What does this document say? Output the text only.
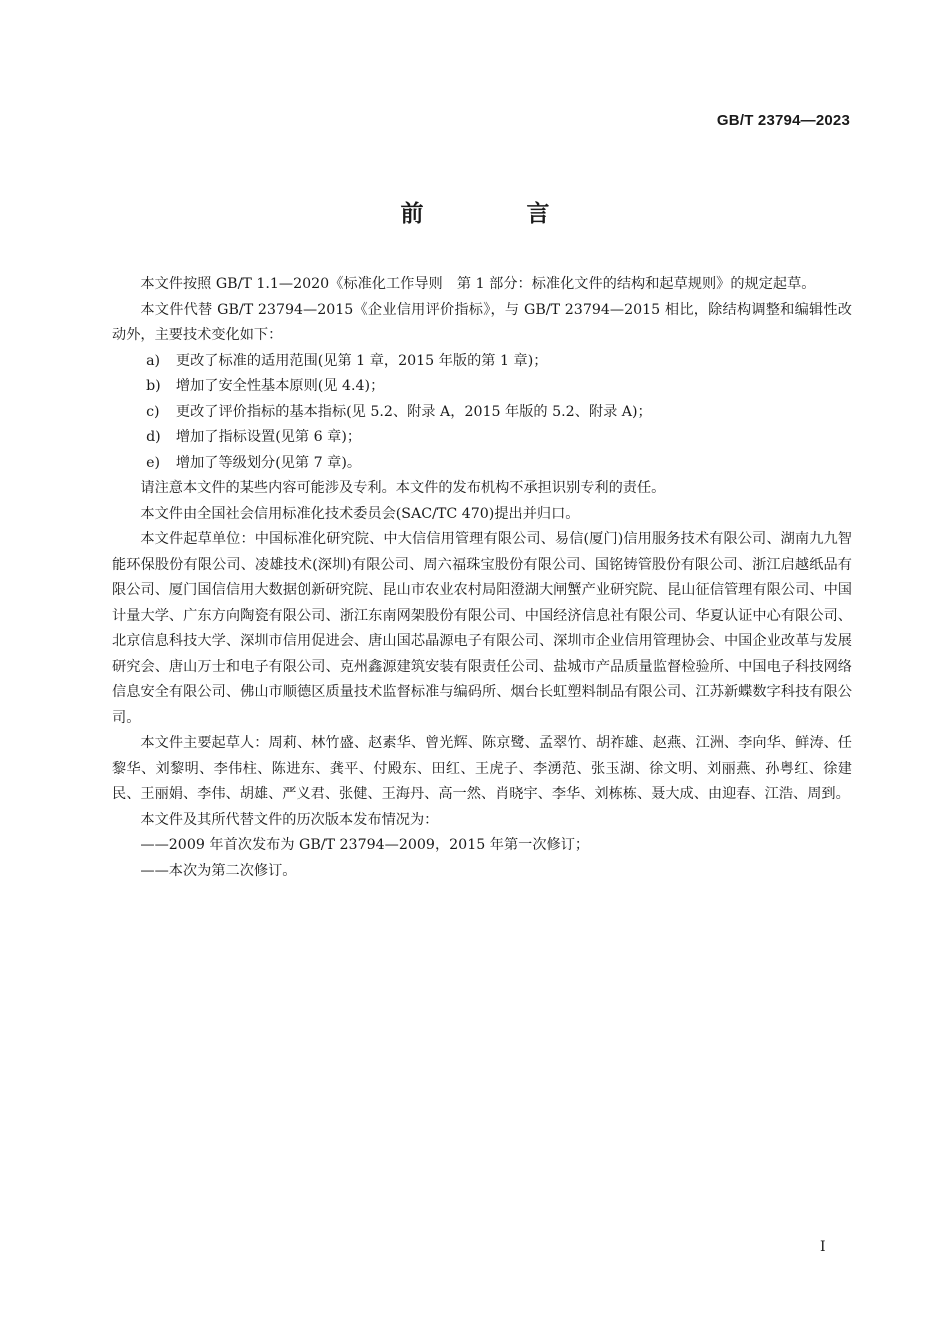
GB/T 23794—2023
前　言

本文件按照 GB/T 1.1—2020《标准化工作导则　第 1 部分：标准化文件的结构和起草规则》的规定起草。

本文件代替 GB/T 23794—2015《企业信用评价指标》，与 GB/T 23794—2015 相比，除结构调整和编辑性改动外，主要技术变化如下：

a) 更改了标准的适用范围(见第 1 章，2015 年版的第 1 章)；

b) 增加了安全性基本原则(见 4.4)；

c) 更改了评价指标的基本指标(见 5.2、附录 A，2015 年版的 5.2、附录 A)；

d) 增加了指标设置(见第 6 章)；

e) 增加了等级划分(见第 7 章)。

请注意本文件的某些内容可能涉及专利。本文件的发布机构不承担识别专利的责任。

本文件由全国社会信用标准化技术委员会(SAC/TC 470)提出并归口。

本文件起草单位：中国标准化研究院、中大信信用管理有限公司、易信(厦门)信用服务技术有限公司、湖南九九智能环保股份有限公司、凌雄技术(深圳)有限公司、周六福珠宝股份有限公司、国铭铸管股份有限公司、浙江启越纸品有限公司、厦门国信信用大数据创新研究院、昆山市农业农村局阳澄湖大闸蟹产业研究院、昆山征信管理有限公司、中国计量大学、广东方向陶瓷有限公司、浙江东南网架股份有限公司、中国经济信息社有限公司、华夏认证中心有限公司、北京信息科技大学、深圳市信用促进会、唐山国芯晶源电子有限公司、深圳市企业信用管理协会、中国企业改革与发展研究会、唐山万士和电子有限公司、克州鑫源建筑安装有限责任公司、盐城市产品质量监督检验所、中国电子科技网络信息安全有限公司、佛山市顺德区质量技术监督标准与编码所、烟台长虹塑料制品有限公司、江苏新蝶数字科技有限公司。

本文件主要起草人：周莉、林竹盛、赵素华、曾光辉、陈京鹭、孟翠竹、胡祚雄、赵燕、江洲、李向华、鲜涛、任黎华、刘黎明、李伟柱、陈进东、龚平、付殿东、田红、王虎子、李湧范、张玉湖、徐文明、刘丽燕、孙粤红、徐建民、王丽娟、李伟、胡雄、严义君、张健、王海丹、高一然、肖晓宇、李华、刘栋栋、聂大成、由迎春、江浩、周到。

本文件及其所代替文件的历次版本发布情况为：

——2009 年首次发布为 GB/T 23794—2009，2015 年第一次修订；

——本次为第二次修订。

I
